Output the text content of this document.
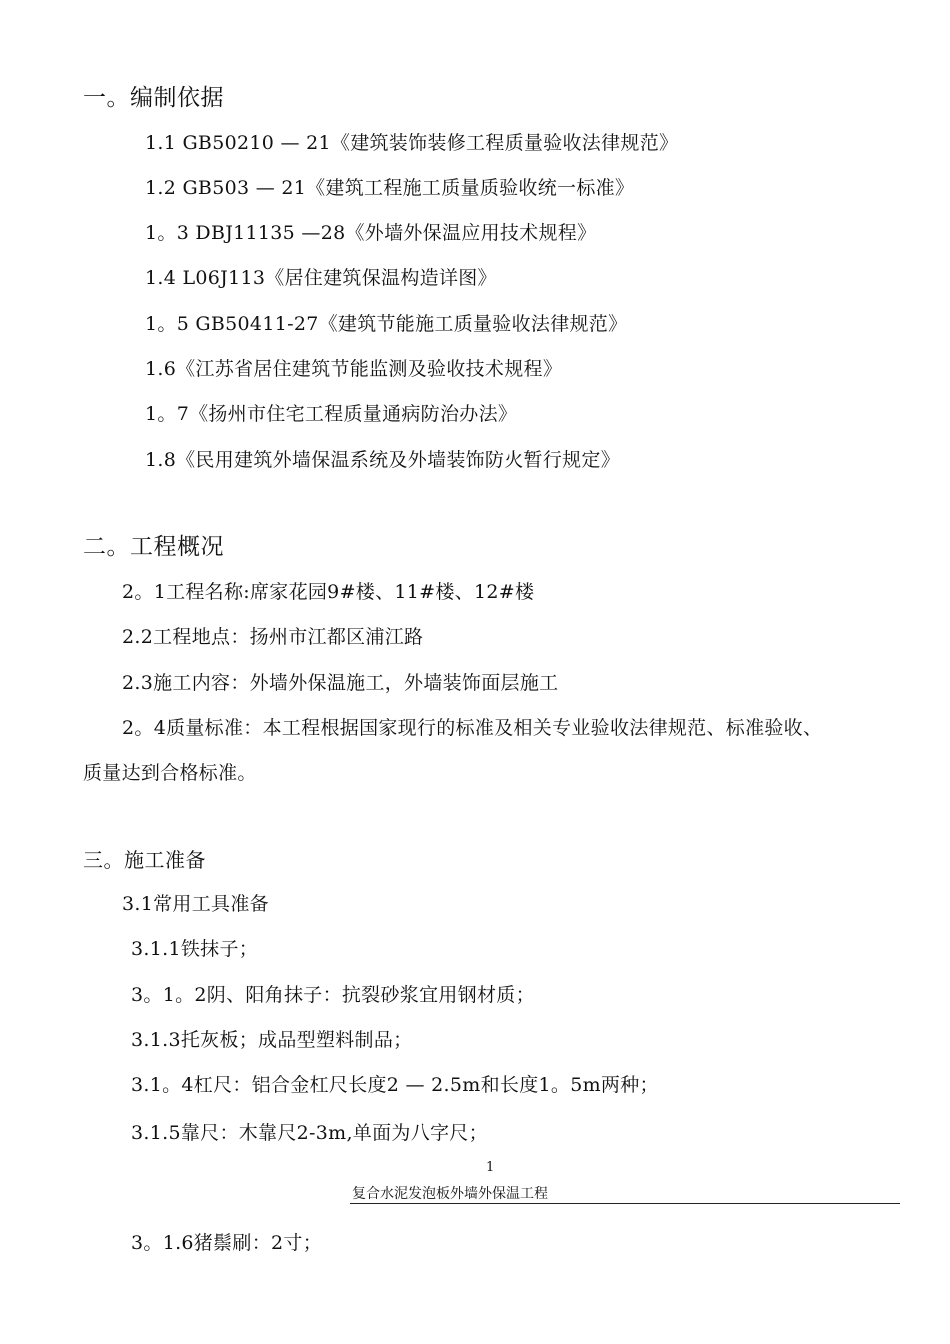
一。编制依据
1.1 GB50210 — 21《建筑装饰装修工程质量验收法律规范》
1.2 GB503 — 21《建筑工程施工质量质验收统一标准》
1。3 DBJ11135 —28《外墙外保温应用技术规程》
1.4 L06J113《居住建筑保温构造详图》
1。5 GB50411-27《建筑节能施工质量验收法律规范》
1.6《江苏省居住建筑节能监测及验收技术规程》
1。7《扬州市住宅工程质量通病防治办法》
1.8《民用建筑外墙保温系统及外墙装饰防火暂行规定》
二。工程概况
2。1工程名称:席家花园9#楼、11#楼、12#楼
2.2工程地点：扬州市江都区浦江路
2.3施工内容：外墙外保温施工，外墙装饰面层施工
2。4质量标准：本工程根据国家现行的标准及相关专业验收法律规范、标准验收、
质量达到合格标准。
三。施工准备
3.1常用工具准备
3.1.1铁抹子；
3。1。2阴、阳角抹子：抗裂砂浆宜用钢材质；
3.1.3托灰板；成品型塑料制品；
3.1。4杠尺：铝合金杠尺长度2 — 2.5m和长度1。5m两种；
3.1.5靠尺：木靠尺2-3m,单面为八字尺；
1
复合水泥发泡板外墙外保温工程
3。1.6猪鬃刷：2寸；
